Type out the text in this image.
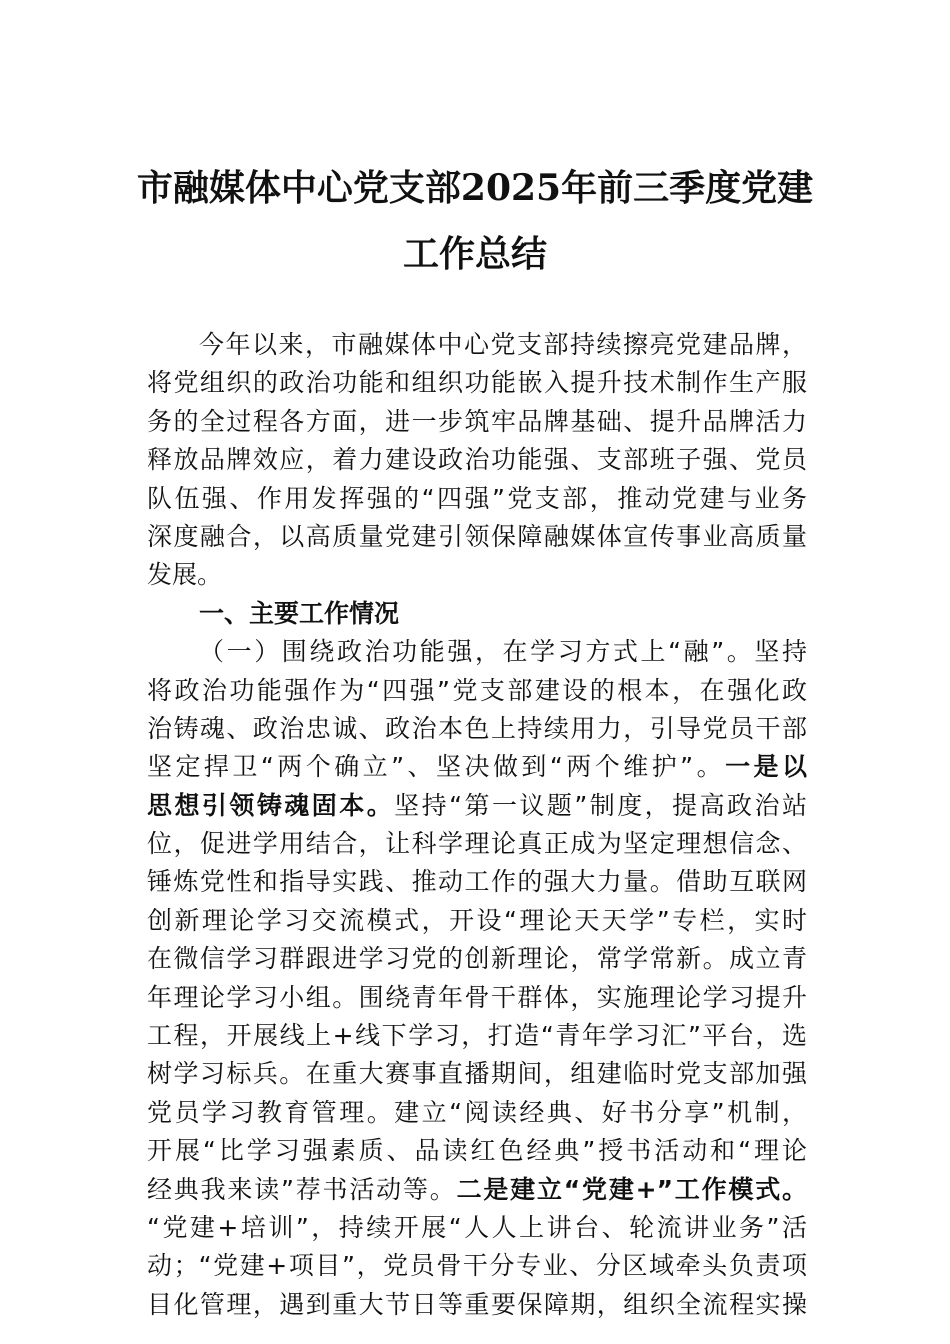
市融媒体中心党支部2025年前三季度党建
工作总结
今年以来，市融媒体中心党支部持续擦亮党建品牌，
将党组织的政治功能和组织功能嵌入提升技术制作生产服
务的全过程各方面，进一步筑牢品牌基础、提升品牌活力
释放品牌效应，着力建设政治功能强、支部班子强、党员
队伍强、作用发挥强的“四强”党支部，推动党建与业务
深度融合，以高质量党建引领保障融媒体宣传事业高质量
发展。
一、主要工作情况
（一）围绕政治功能强，在学习方式上“融”。坚持
将政治功能强作为“四强”党支部建设的根本，在强化政
治铸魂、政治忠诚、政治本色上持续用力，引导党员干部
坚定捍卫“两个确立”、坚决做到“两个维护”。一是以
思想引领铸魂固本。坚持“第一议题”制度，提高政治站
位，促进学用结合，让科学理论真正成为坚定理想信念、
锤炼党性和指导实践、推动工作的强大力量。借助互联网
创新理论学习交流模式，开设“理论天天学”专栏，实时
在微信学习群跟进学习党的创新理论，常学常新。成立青
年理论学习小组。围绕青年骨干群体，实施理论学习提升
工程，开展线上+线下学习，打造“青年学习汇”平台，选
树学习标兵。在重大赛事直播期间，组建临时党支部加强
党员学习教育管理。建立“阅读经典、好书分享”机制，
开展“比学习强素质、品读红色经典”授书活动和“理论
经典我来读”荐书活动等。二是建立“党建+”工作模式。
“党建+培训”，持续开展“人人上讲台、轮流讲业务”活
动；“党建+项目”，党员骨干分专业、分区域牵头负责项
目化管理，遇到重大节日等重要保障期，组织全流程实操
